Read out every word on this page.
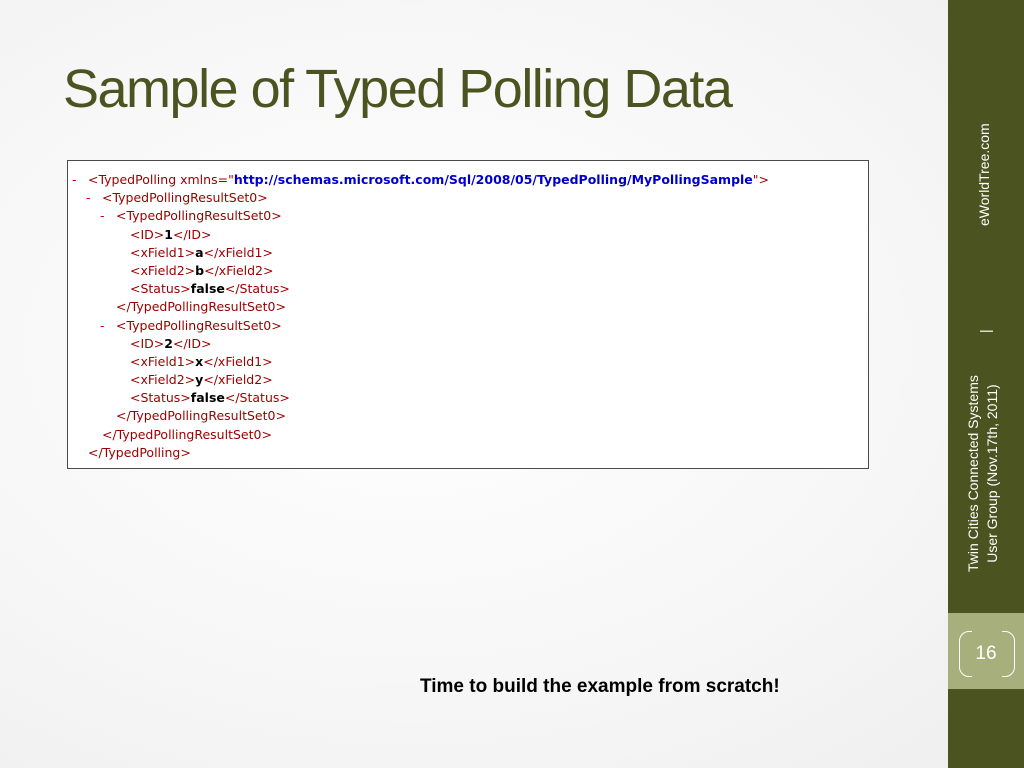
Sample of Typed Polling Data
- <TypedPolling xmlns="http://schemas.microsoft.com/Sql/2008/05/TypedPolling/MyPollingSample">
- <TypedPollingResultSet0>
- <TypedPollingResultSet0>
<ID>1</ID>
<xField1>a</xField1>
<xField2>b</xField2>
<Status>false</Status>
</TypedPollingResultSet0>
- <TypedPollingResultSet0>
<ID>2</ID>
<xField1>x</xField1>
<xField2>y</xField2>
<Status>false</Status>
</TypedPollingResultSet0>
</TypedPollingResultSet0>
</TypedPolling>
Time to build the example from scratch!
eWorldTree.com
|
Twin Cities Connected Systems User Group (Nov.17th, 2011)
16
